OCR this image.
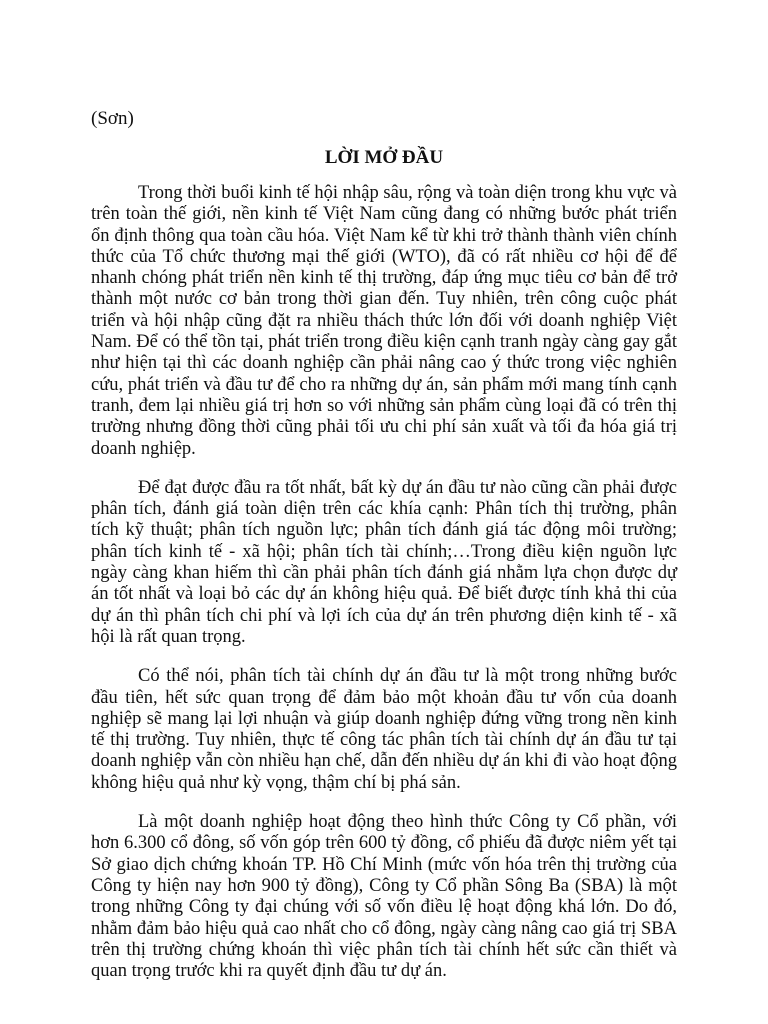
(Sơn)
LỜI MỞ ĐẦU

Trong thời buổi kinh tế hội nhập sâu, rộng và toàn diện trong khu vực và trên toàn thế giới, nền kinh tế Việt Nam cũng đang có những bước phát triển ổn định thông qua toàn cầu hóa. Việt Nam kể từ khi trở thành thành viên chính thức của Tổ chức thương mại thế giới (WTO), đã có rất nhiều cơ hội để để nhanh chóng phát triển nền kinh tế thị trường, đáp ứng mục tiêu cơ bản để trở thành một nước cơ bản trong thời gian đến. Tuy nhiên, trên công cuộc phát triển và hội nhập cũng đặt ra nhiều thách thức lớn đối với doanh nghiệp Việt Nam. Để có thể tồn tại, phát triển trong điều kiện cạnh tranh ngày càng gay gắt như hiện tại thì các doanh nghiệp cần phải nâng cao ý thức trong việc nghiên cứu, phát triển và đầu tư để cho ra những dự án, sản phẩm mới mang tính cạnh tranh, đem lại nhiều giá trị hơn so với những sản phẩm cùng loại đã có trên thị trường nhưng đồng thời cũng phải tối ưu chi phí sản xuất và tối đa hóa giá trị doanh nghiệp.

Để đạt được đầu ra tốt nhất, bất kỳ dự án đầu tư nào cũng cần phải được phân tích, đánh giá toàn diện trên các khía cạnh: Phân tích thị trường, phân tích kỹ thuật; phân tích nguồn lực; phân tích đánh giá tác động môi trường; phân tích kinh tế - xã hội; phân tích tài chính;…Trong điều kiện nguồn lực ngày càng khan hiếm thì cần phải phân tích đánh giá nhằm lựa chọn được dự án tốt nhất và loại bỏ các dự án không hiệu quả. Để biết được tính khả thi của dự án thì phân tích chi phí và lợi ích của dự án trên phương diện kinh tế - xã hội là rất quan trọng.

Có thể nói, phân tích tài chính dự án đầu tư là một trong những bước đầu tiên, hết sức quan trọng để đảm bảo một khoản đầu tư vốn của doanh nghiệp sẽ mang lại lợi nhuận và giúp doanh nghiệp đứng vững trong nền kinh tế thị trường. Tuy nhiên, thực tế công tác phân tích tài chính dự án đầu tư tại doanh nghiệp vẫn còn nhiều hạn chế, dẫn đến nhiều dự án khi đi vào hoạt động không hiệu quả như kỳ vọng, thậm chí bị phá sản.

Là một doanh nghiệp hoạt động theo hình thức Công ty Cổ phần, với hơn 6.300 cổ đông, số vốn góp trên 600 tỷ đồng, cổ phiếu đã được niêm yết tại Sở giao dịch chứng khoán TP. Hồ Chí Minh (mức vốn hóa trên thị trường của Công ty hiện nay hơn 900 tỷ đồng), Công ty Cổ phần Sông Ba (SBA) là một trong những Công ty đại chúng với số vốn điều lệ hoạt động khá lớn. Do đó, nhằm đảm bảo hiệu quả cao nhất cho cổ đông, ngày càng nâng cao giá trị SBA trên thị trường chứng khoán thì việc phân tích tài chính hết sức cần thiết và quan trọng trước khi ra quyết định đầu tư dự án.
